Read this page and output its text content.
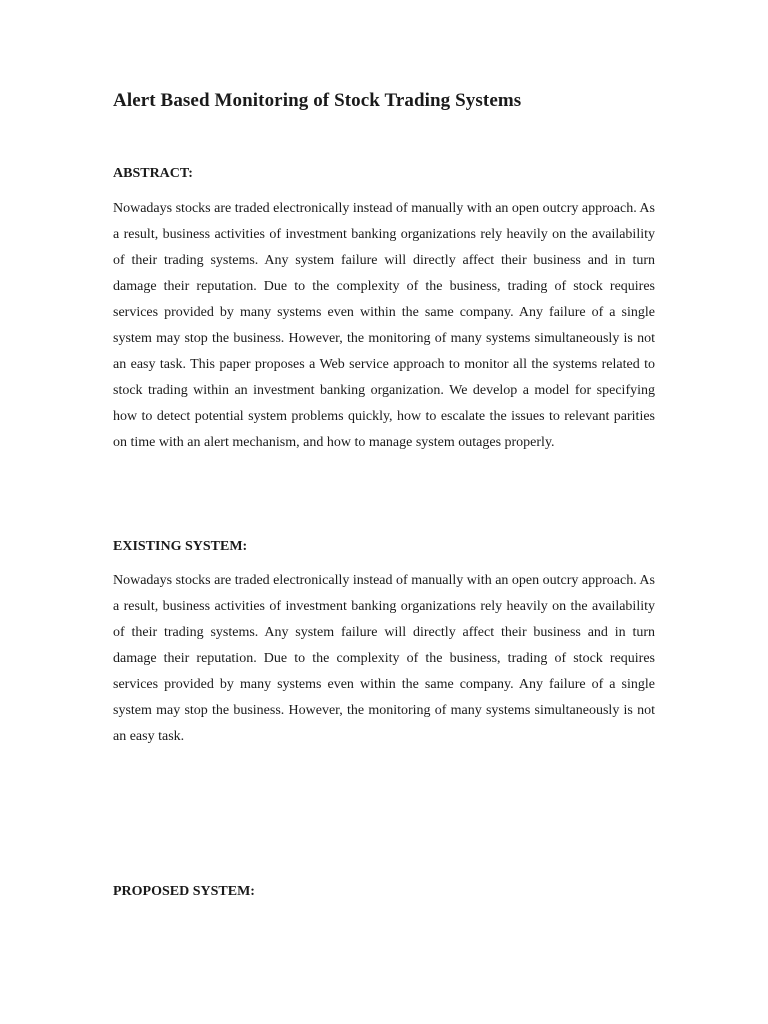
Alert Based Monitoring of Stock Trading Systems
ABSTRACT:

Nowadays stocks are traded electronically instead of manually with an open outcry approach. As a result, business activities of investment banking organizations rely heavily on the availability of their trading systems. Any system failure will directly affect their business and in turn damage their reputation. Due to the complexity of the business, trading of stock requires services provided by many systems even within the same company. Any failure of a single system may stop the business. However, the monitoring of many systems simultaneously is not an easy task. This paper proposes a Web service approach to monitor all the systems related to stock trading within an investment banking organization. We develop a model for specifying how to detect potential system problems quickly, how to escalate the issues to relevant parities on time with an alert mechanism, and how to manage system outages properly.

EXISTING SYSTEM:

Nowadays stocks are traded electronically instead of manually with an open outcry approach. As a result, business activities of investment banking organizations rely heavily on the availability of their trading systems. Any system failure will directly affect their business and in turn damage their reputation. Due to the complexity of the business, trading of stock requires services provided by many systems even within the same company. Any failure of a single system may stop the business. However, the monitoring of many systems simultaneously is not an easy task.

PROPOSED SYSTEM:
